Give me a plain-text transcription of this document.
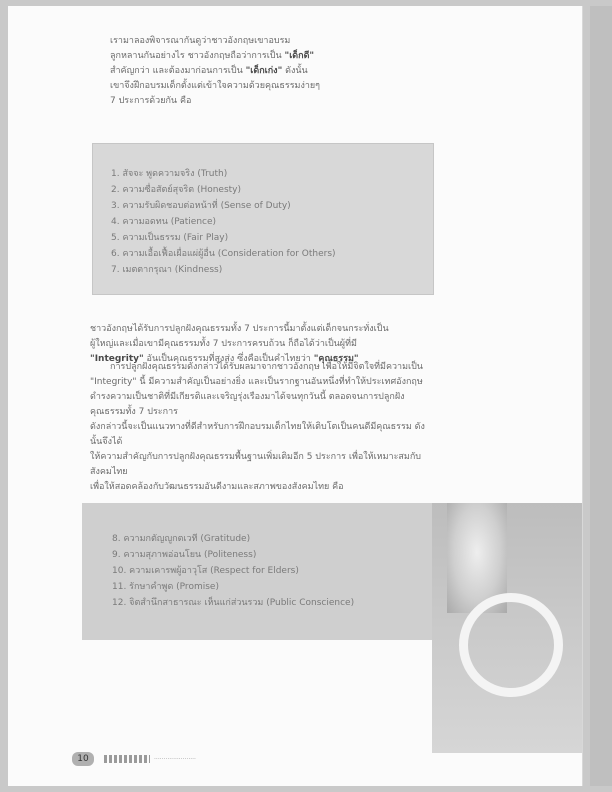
เรามาลองพิจารณากันดูว่าชาวอังกฤษเขาอบรม
ลูกหลานกันอย่างไร ชาวอังกฤษถือว่าการเป็น "เด็กดี"
สำคัญกว่า และต้องมาก่อนการเป็น "เด็กเก่ง" ดังนั้น
เขาจึงฝึกอบรมเด็กตั้งแต่เข้าใจความด้วยคุณธรรมง่ายๆ
7 ประการด้วยกัน คือ
1. สัจจะ พูดความจริง (Truth)
2. ความซื่อสัตย์สุจริต (Honesty)
3. ความรับผิดชอบต่อหน้าที่ (Sense of Duty)
4. ความอดทน (Patience)
5. ความเป็นธรรม (Fair Play)
6. ความเอื้อเฟื้อเผื่อแผ่ผู้อื่น (Consideration for Others)
7. เมตตากรุณา (Kindness)
ชาวอังกฤษได้รับการปลูกฝังคุณธรรมทั้ง 7 ประการนี้มาตั้งแต่เด็กจนกระทั่งเป็น
ผู้ใหญ่และเมื่อเขามีคุณธรรมทั้ง 7 ประการครบถ้วน ก็ถือได้ว่าเป็นผู้ที่มี
"Integrity" อันเป็นคุณธรรมที่สูงส่ง ซึ่งคือเป็นคำไทยว่า "คุณธรรม"
การปลูกฝังคุณธรรมดังกล่าวได้รับผลมาจากชาวอังกฤษ เพื่อให้มีจิตใจที่มีความเป็น
"Integrity" นี้ มีความสำคัญเป็นอย่างยิ่ง และเป็นรากฐานอันหนึ่งที่ทำให้ประเทศอังกฤษ
ดำรงความเป็นชาติที่มีเกียรติและเจริญรุ่งเรืองมาได้จนทุกวันนี้ ตลอดจนการปลูกฝังคุณธรรมทั้ง 7 ประการ
ดังกล่าวนี้จะเป็นแนวทางที่ดีสำหรับการฝึกอบรมเด็กไทยให้เติบโตเป็นคนดีมีคุณธรรม ดังนั้นจึงได้
ให้ความสำคัญกับการปลูกฝังคุณธรรมพื้นฐานเพิ่มเติมอีก 5 ประการ เพื่อให้เหมาะสมกับสังคมไทย
เพื่อให้สอดคล้องกับวัฒนธรรมอันดีงามและสภาพของสังคมไทย คือ
8. ความกตัญญูกตเวที (Gratitude)
9. ความสุภาพอ่อนโยน (Politeness)
10. ความเคารพผู้อาวุโส (Respect for Elders)
11. รักษาคำพูด (Promise)
12. จิตสำนึกสาธารณะ เห็นแก่ส่วนรวม (Public Conscience)
10	......................
